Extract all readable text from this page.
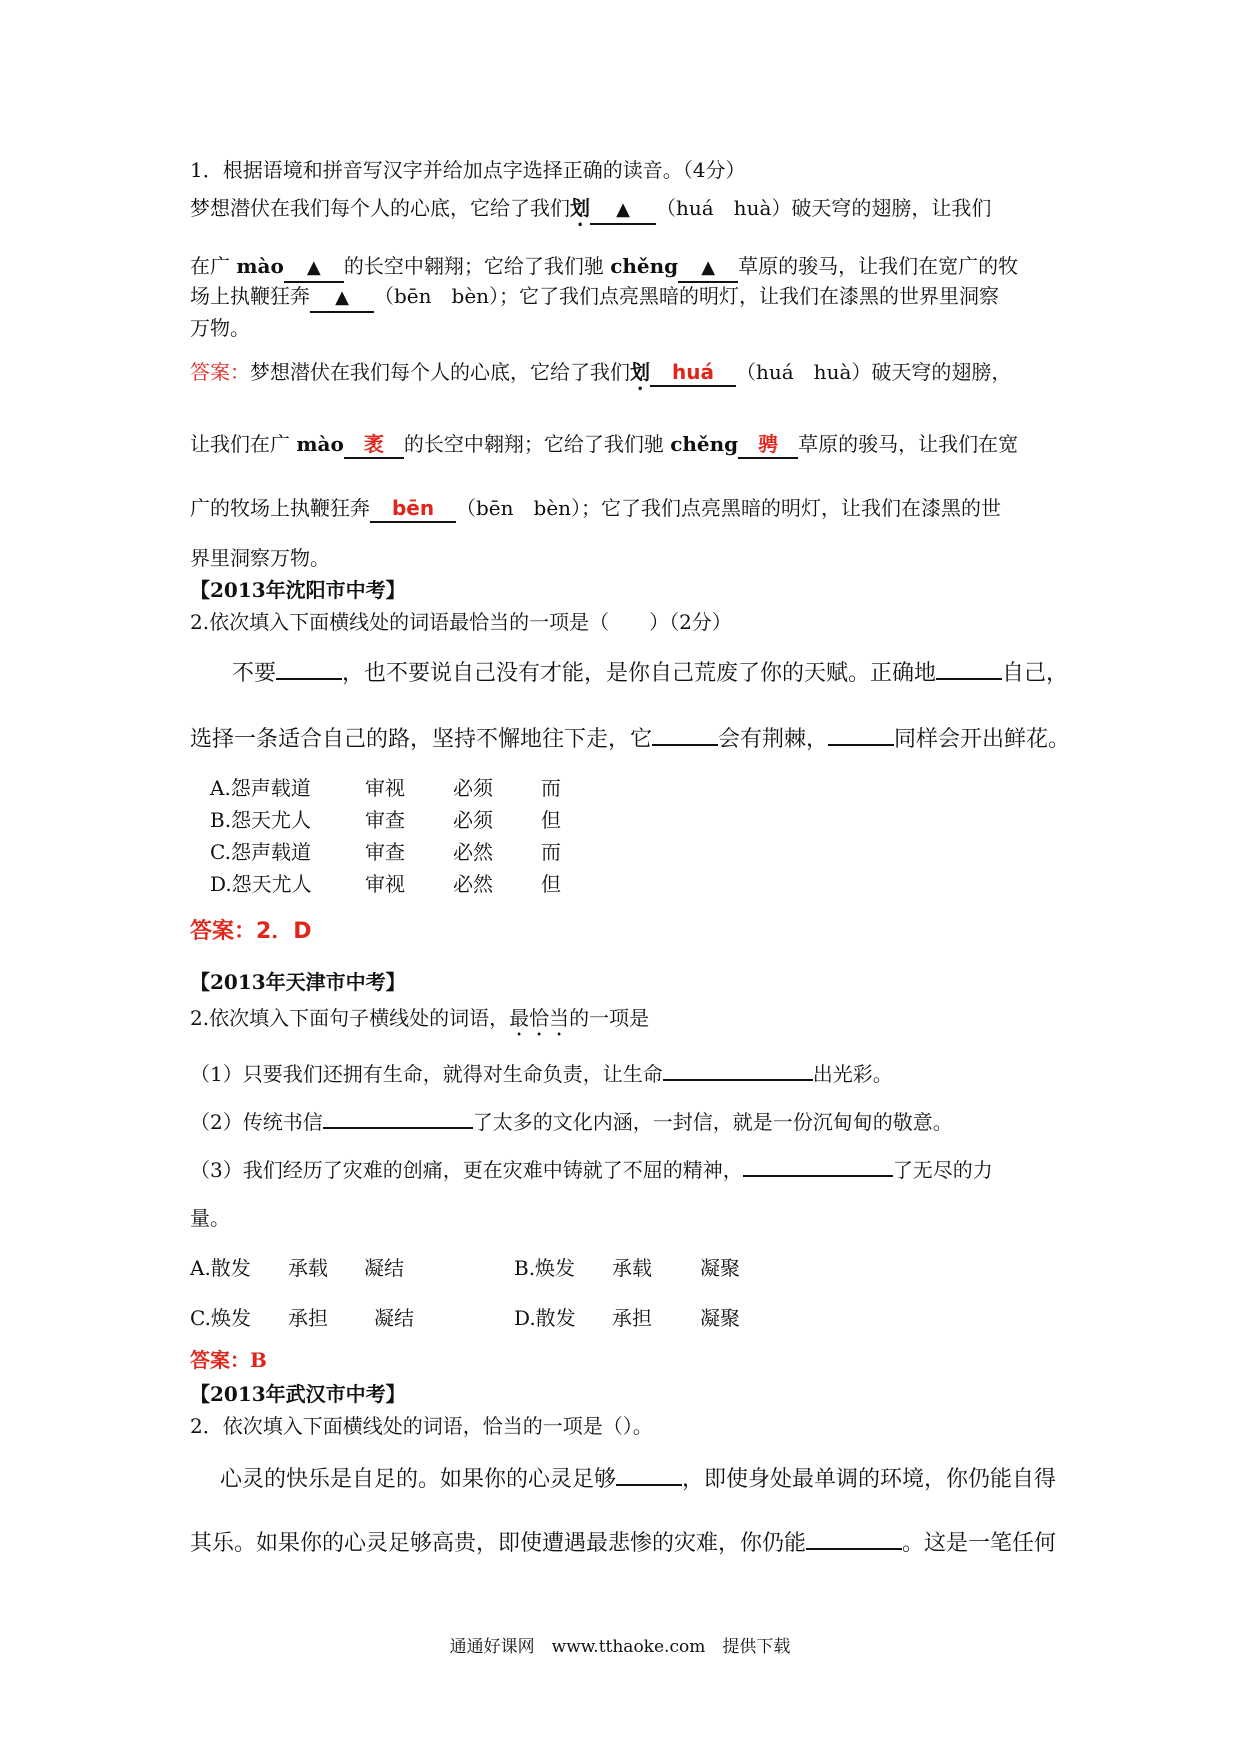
1．根据语境和拼音写汉字并给加点字选择正确的读音。（4分）
梦想潜伏在我们每个人的心底，它给了我们划 ▲ （huá　huà）破天穹的翅膀，让我们
在广 mào ▲ 的长空中翱翔；它给了我们驰 chěng ▲ 草原的骏马，让我们在宽广的牧
场上执鞭狂奔 ▲ （bēn　bèn）；它了我们点亮黑暗的明灯，让我们在漆黑的世界里洞察
万物。
答案：梦想潜伏在我们每个人的心底，它给了我们划 huá （huá　huà）破天穹的翅膀，
让我们在广 mào 袤 的长空中翱翔；它给了我们驰 chěng 骋 草原的骏马，让我们在宽
广的牧场上执鞭狂奔 bēn （bēn　bèn）；它了我们点亮黑暗的明灯，让我们在漆黑的世
界里洞察万物。
【2013年沈阳市中考】
2.依次填入下面横线处的词语最恰当的一项是（　　）（2分）
不要	，也不要说自己没有才能，是你自己荒废了你的天赋。正确地	自己，
选择一条适合自己的路，坚持不懈地往下走，它	会有荆棘，	同样会开出鲜花。
A.怨声载道	审视 必须 而
B.怨天尤人	审查 必须 但
C.怨声载道	审查 必然 而
D.怨天尤人	审视 必然 但
答案：2．D
【2013年天津市中考】
2.依次填入下面句子横线处的词语，最恰当的一项是
（1）只要我们还拥有生命，就得对生命负责，让生命	出光彩。
（2）传统书信	了太多的文化内涵，一封信，就是一份沉甸甸的敬意。
（3）我们经历了灾难的创痛，更在灾难中铸就了不屈的精神，	了无尽的力
量。
A.散发 承载 凝结	B.焕发 承载 凝聚
C.焕发 承担 凝结	D.散发 承担 凝聚
答案：B
【2013年武汉市中考】
2．依次填入下面横线处的词语，恰当的一项是（）。
心灵的快乐是自足的。如果你的心灵足够	，即使身处最单调的环境，你仍能自得
其乐。如果你的心灵足够高贵，即使遭遇最悲惨的灾难，你仍能	。这是一笔任何
通通好课网　www.tthaoke.com　提供下载
